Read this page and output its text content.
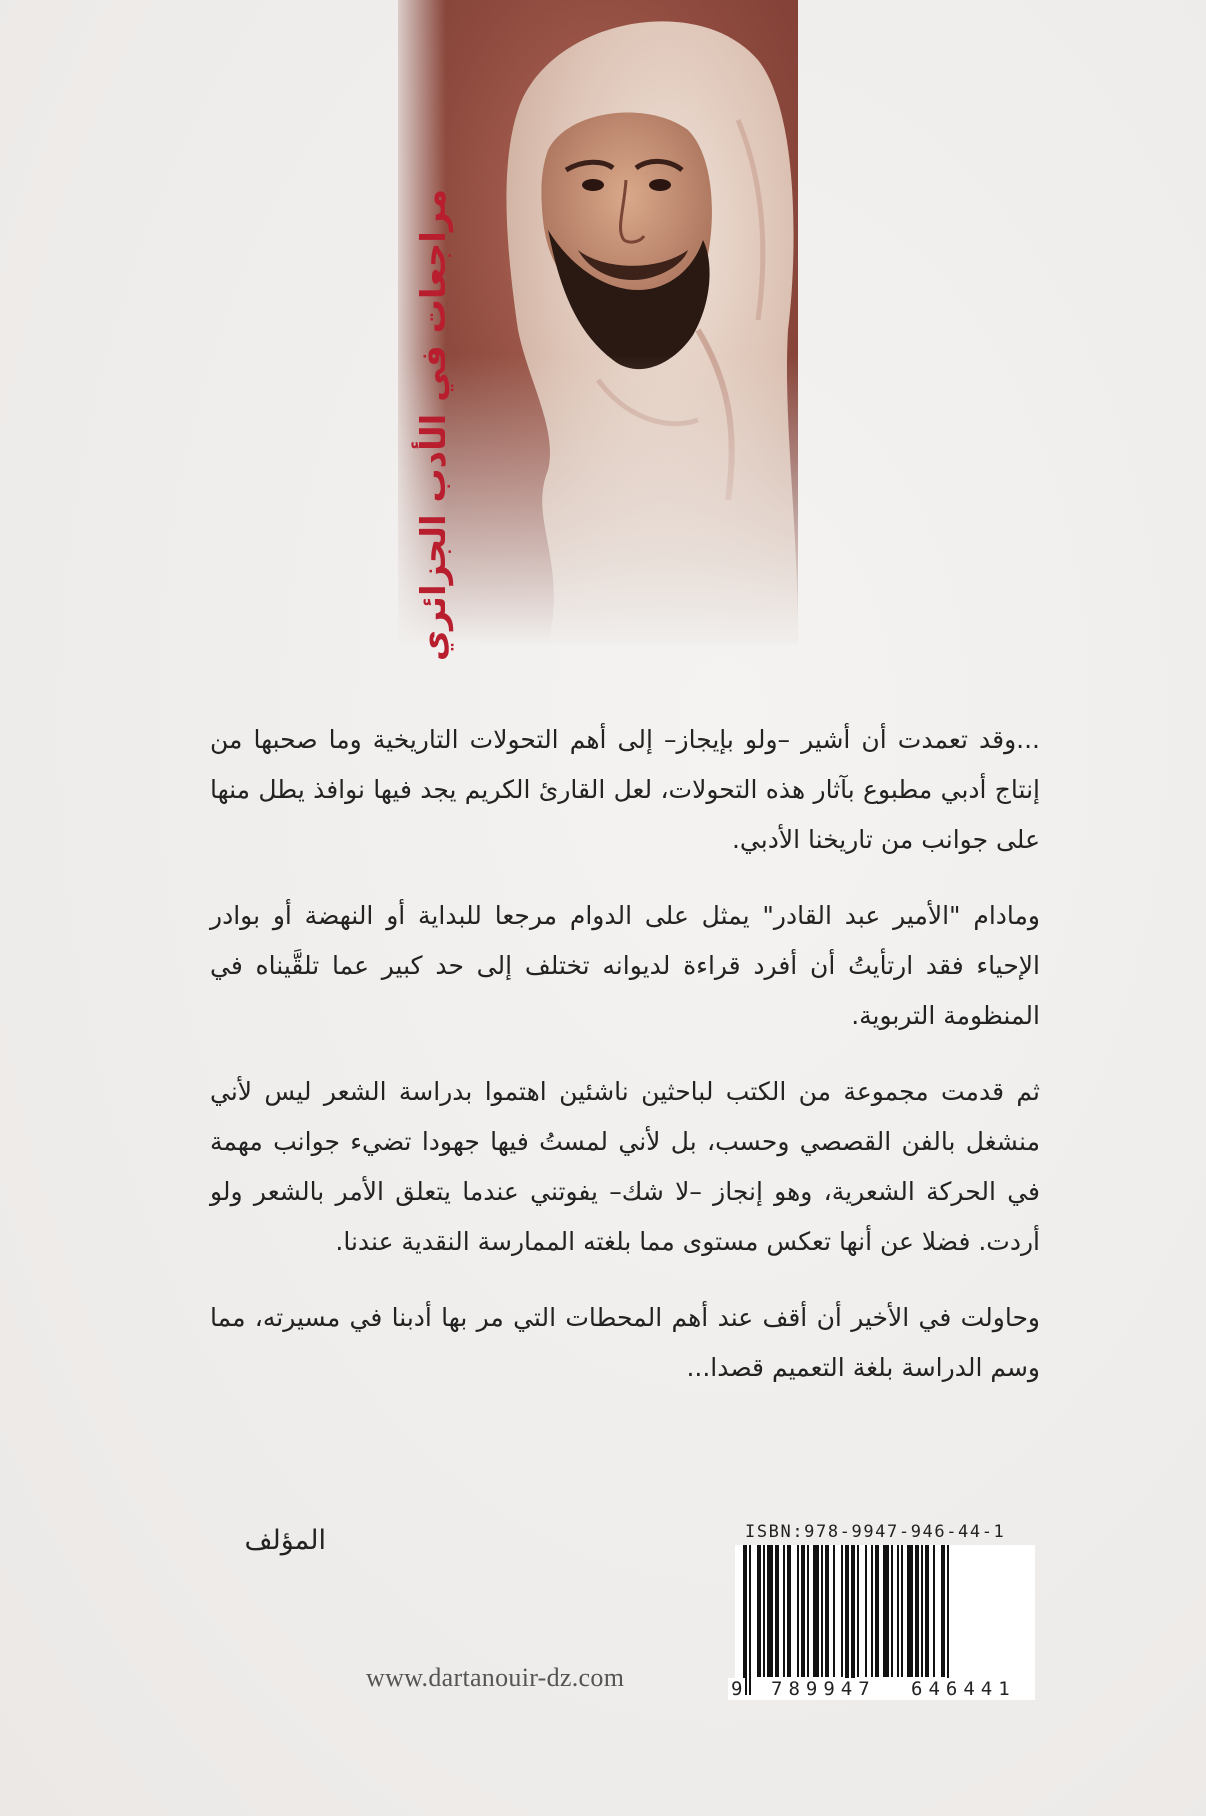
مراجعات في الأدب الجزائري

...وقد تعمدت أن أشير –ولو بإيجاز– إلى أهم التحولات التاريخية وما صحبها من إنتاج أدبي مطبوع بآثار هذه التحولات، لعل القارئ الكريم يجد فيها نوافذ يطل منها على جوانب من تاريخنا الأدبي.

ومادام "الأمير عبد القادر" يمثل على الدوام مرجعا للبداية أو النهضة أو بوادر الإحياء فقد ارتأيتُ أن أفرد قراءة لديوانه تختلف إلى حد كبير عما تلقَّيناه في المنظومة التربوية.

ثم قدمت مجموعة من الكتب لباحثين ناشئين اهتموا بدراسة الشعر ليس لأني منشغل بالفن القصصي وحسب، بل لأني لمستُ فيها جهودا تضيء جوانب مهمة في الحركة الشعرية، وهو إنجاز –لا شك– يفوتني عندما يتعلق الأمر بالشعر ولو أردت. فضلا عن أنها تعكس مستوى مما بلغته الممارسة النقدية عندنا.

وحاولت في الأخير أن أقف عند أهم المحطات التي مر بها أدبنا في مسيرته، مما وسم الدراسة بلغة التعميم قصدا...

المؤلف	ISBN:978-9947-946-44-1
9 789947 646441
www.dartanouir-dz.com
